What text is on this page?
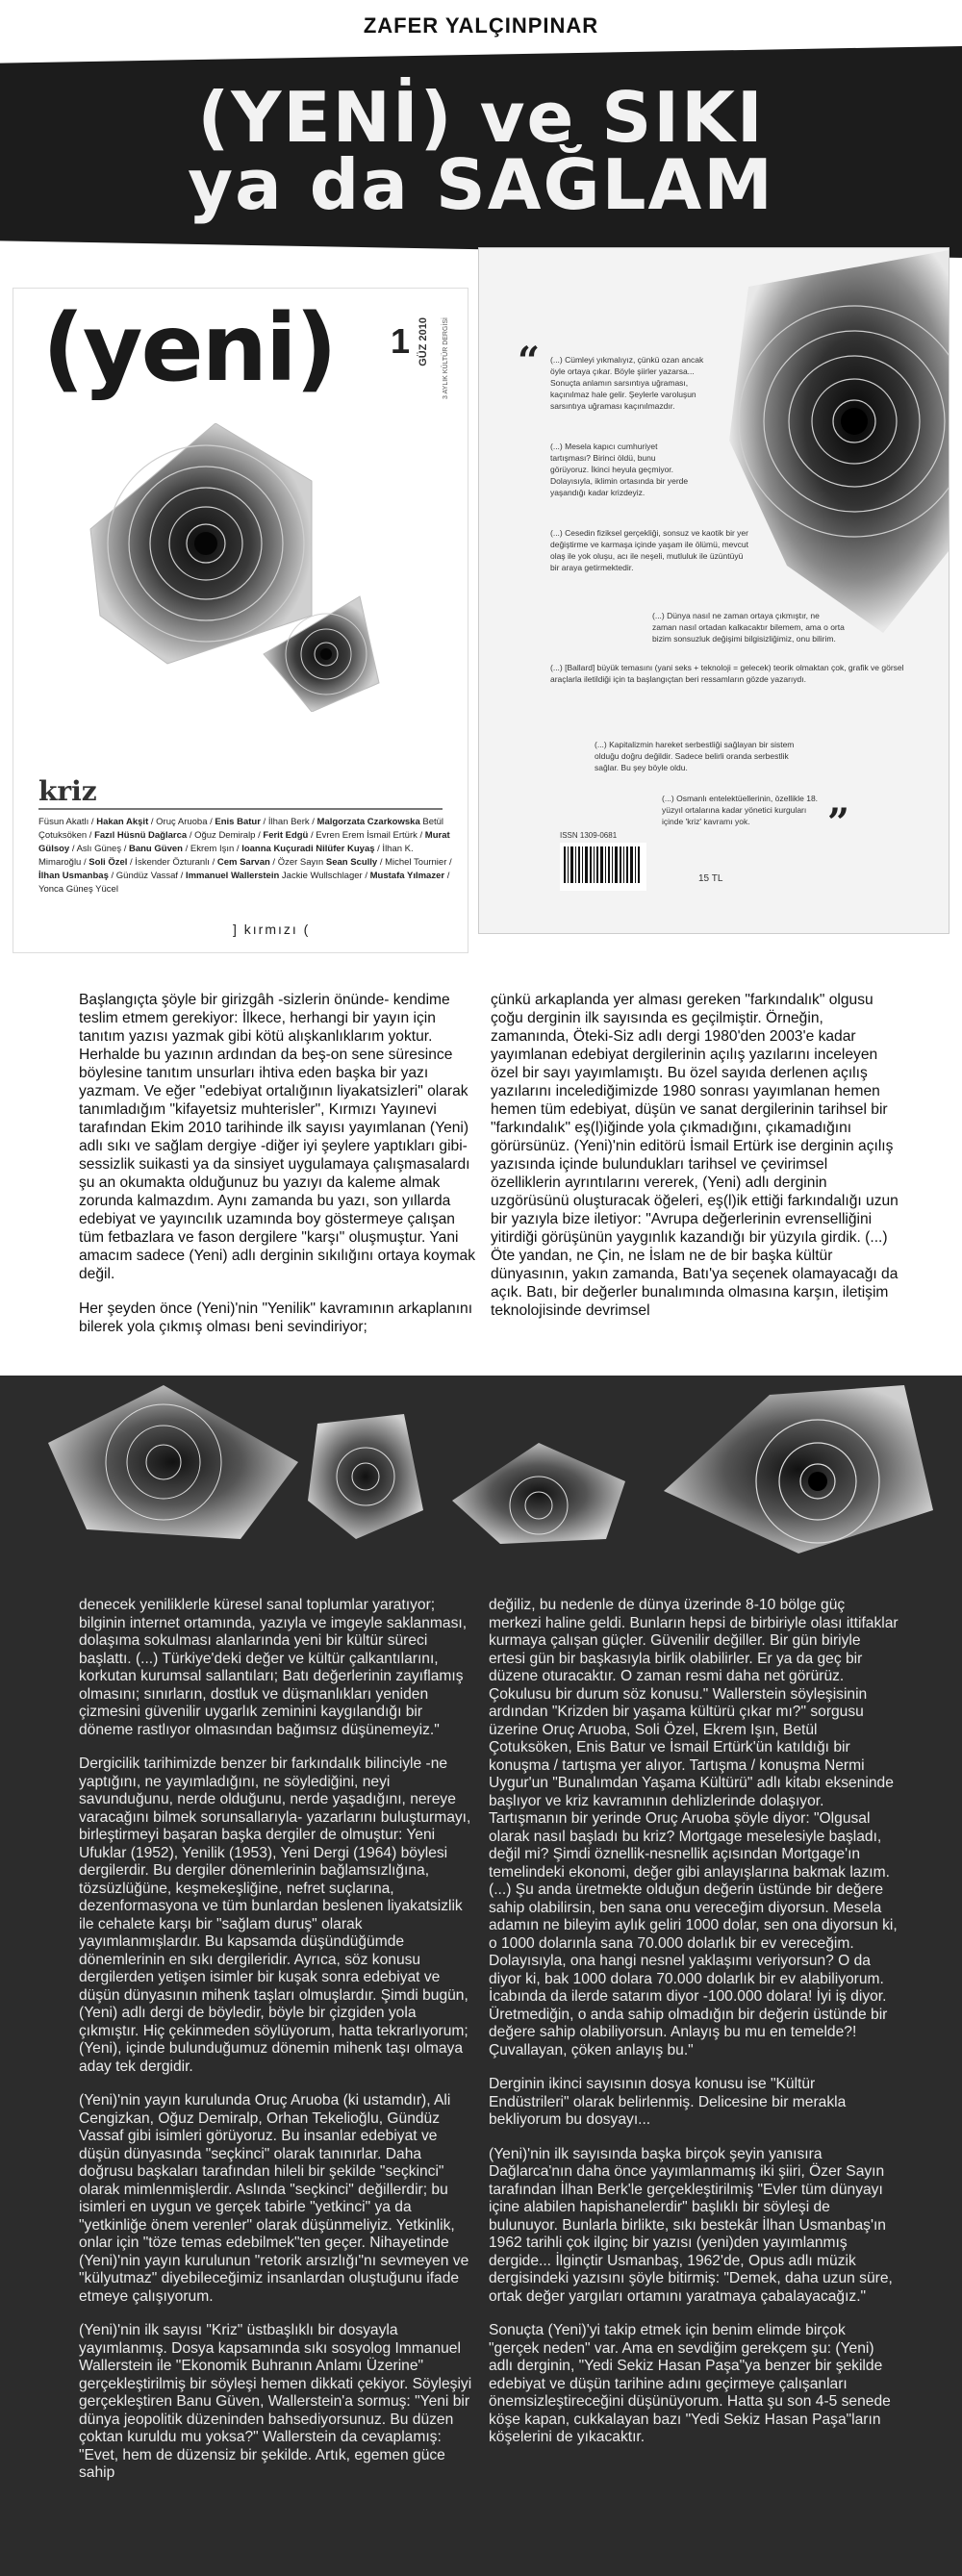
ZAFER YALÇINPINAR
(YENİ) ve SIKI
ya da SAĞLAM
(yeni) 1 GÜZ 2010	3 AYLIK KÜLTÜR DERGİSİ
kriz
Füsun Akatlı / Hakan Akşit / Oruç Aruoba / Enis Batur / İlhan Berk / Malgorzata Czarkowska Betül Çotuksöken / Fazıl Hüsnü Dağlarca / Oğuz Demiralp / Ferit Edgü / Evren Erem İsmail Ertürk / Murat Gülsoy / Aslı Güneş / Banu Güven / Ekrem Işın / Ioanna Kuçuradi Nilüfer Kuyaş / İlhan K. Mimaroğlu / Soli Özel / İskender Özturanlı / Cem Sarvan / Özer Sayın Sean Scully / Michel Tournier / İlhan Usmanbaş / Gündüz Vassaf / Immanuel Wallerstein Jackie Wullschlager / Mustafa Yılmazer / Yonca Güneş Yücel
] kırmızı (
“ (...) Cümleyi yıkmalıyız, çünkü ozan ancak öyle ortaya çıkar. Böyle şiirler yazarsa... Sonuçta anlamın sarsıntıya uğraması, kaçınılmaz hale gelir. Şeylerle varoluşun sarsıntıya uğraması kaçınılmazdır.
(...) Mesela kapıcı cumhuriyet tartışması? Birinci öldü, bunu görüyoruz. İkinci heyula geçmiyor. Dolayısıyla, iklimin ortasında bir yerde yaşandığı kadar krizdeyiz.
(...) Cesedin fiziksel gerçekliği, sonsuz ve kaotik bir yer değiştirme ve karmaşa içinde yaşam ile ölümü, mevcut olaş ile yok oluşu, acı ile neşeli, mutluluk ile üzüntüyü bir araya getirmektedir.
(...) Dünya nasıl ne zaman ortaya çıkmıştır, ne zaman nasıl ortadan kalkacaktır bilemem, ama o orta bizim sonsuzluk değişimi bilgisizliğimiz, onu bilirim.
(...) [Ballard] büyük temasını (yani seks + teknoloji = gelecek) teorik olmaktan çok, grafik ve görsel araçlarla iletildiği için ta başlangıçtan beri ressamların gözde yazarıydı.
(...) Kapitalizmin hareket serbestliği sağlayan bir sistem olduğu doğru değildir. Sadece belirli oranda serbestlik sağlar. Bu şey böyle oldu.
(...) Osmanlı entelektüellerinin, özellikle 18. yüzyıl ortalarına kadar yönetici kurguları içinde 'kriz' kavramı yok.	”
ISSN 1309-0681
15 TL

Başlangıçta şöyle bir girizgâh -sizlerin önünde- kendime teslim etmem gerekiyor: İlkece, herhangi bir yayın için tanıtım yazısı yazmak gibi kötü alışkanlıklarım yoktur. Herhalde bu yazının ardından da beş-on sene süresince böylesine tanıtım unsurları ihtiva eden başka bir yazı yazmam. Ve eğer "edebiyat ortalığının liyakatsizleri" olarak tanımladığım "kifayetsiz muhterisler", Kırmızı Yayınevi tarafından Ekim 2010 tarihinde ilk sayısı yayımlanan (Yeni) adlı sıkı ve sağlam dergiye -diğer iyi şeylere yaptıkları gibi- sessizlik suikasti ya da sinsiyet uygulamaya çalışmasalardı şu an okumakta olduğunuz bu yazıyı da kaleme almak zorunda kalmazdım. Aynı zamanda bu yazı, son yıllarda edebiyat ve yayıncılık uzamında boy göstermeye çalışan tüm fetbazlara ve fason dergilere "karşı" oluşmuştur. Yani amacım sadece (Yeni) adlı derginin sıkılığını ortaya koymak değil.

Her şeyden önce (Yeni)'nin "Yenilik" kavramının arkaplanını bilerek yola çıkmış olması beni sevindiriyor;

çünkü arkaplanda yer alması gereken "farkındalık" olgusu çoğu derginin ilk sayısında es geçilmiştir. Örneğin, zamanında, Öteki-Siz adlı dergi 1980'den 2003'e kadar yayımlanan edebiyat dergilerinin açılış yazılarını inceleyen özel bir sayı yayımlamıştı. Bu özel sayıda derlenen açılış yazılarını incelediğimizde 1980 sonrası yayımlanan hemen hemen tüm edebiyat, düşün ve sanat dergilerinin tarihsel bir "farkındalık" eş(l)iğinde yola çıkmadığını, çıkamadığını görürsünüz. (Yeni)'nin editörü İsmail Ertürk ise derginin açılış yazısında içinde bulundukları tarihsel ve çevirimsel özelliklerin ayrıntılarını vererek, (Yeni) adlı derginin uzgörüsünü oluşturacak öğeleri, eş(l)ik ettiği farkındalığı uzun bir yazıyla bize iletiyor: "Avrupa değerlerinin evrenselliğini yitirdiği görüşünün yaygınlık kazandığı bir yüzyıla girdik. (...) Öte yandan, ne Çin, ne İslam ne de bir başka kültür dünyasının, yakın zamanda, Batı'ya seçenek olamayacağı da açık. Batı, bir değerler bunalımında olmasına karşın, iletişim teknolojisinde devrimsel

denecek yeniliklerle küresel sanal toplumlar yaratıyor; bilginin internet ortamında, yazıyla ve imgeyle saklanması, dolaşıma sokulması alanlarında yeni bir kültür süreci başlattı. (...) Türkiye'deki değer ve kültür çalkantılarını, korkutan kurumsal sallantıları; Batı değerlerinin zayıflamış olmasını; sınırların, dostluk ve düşmanlıkları yeniden çizmesini güvenilir uygarlık zeminini kaygılandığı bir döneme rastlıyor olmasından bağımsız düşünemeyiz."

Dergicilik tarihimizde benzer bir farkındalık bilinciyle -ne yaptığını, ne yayımladığını, ne söylediğini, neyi savunduğunu, nerde olduğunu, nerde yaşadığını, nereye varacağını bilmek sorunsallarıyla- yazarlarını buluşturmayı, birleştirmeyi başaran başka dergiler de olmuştur: Yeni Ufuklar (1952), Yenilik (1953), Yeni Dergi (1964) böylesi dergilerdir. Bu dergiler dönemlerinin bağlamsızlığına, tözsüzlüğüne, keşmekeşliğine, nefret suçlarına, dezenformasyona ve tüm bunlardan beslenen liyakatsizlik ile cehalete karşı bir "sağlam duruş" olarak yayımlanmışlardır. Bu kapsamda düşündüğümde dönemlerinin en sıkı dergileridir. Ayrıca, söz konusu dergilerden yetişen isimler bir kuşak sonra edebiyat ve düşün dünyasının mihenk taşları olmuşlardır. Şimdi bugün, (Yeni) adlı dergi de böyledir, böyle bir çizgiden yola çıkmıştır. Hiç çekinmeden söylüyorum, hatta tekrarlıyorum; (Yeni), içinde bulunduğumuz dönemin mihenk taşı olmaya aday tek dergidir.

(Yeni)'nin yayın kurulunda Oruç Aruoba (ki ustamdır), Ali Cengizkan, Oğuz Demiralp, Orhan Tekelioğlu, Gündüz Vassaf gibi isimleri görüyoruz. Bu insanlar edebiyat ve düşün dünyasında "seçkinci" olarak tanınırlar. Daha doğrusu başkaları tarafından hileli bir şekilde "seçkinci" olarak mimlenmişlerdir. Aslında "seçkinci" değillerdir; bu isimleri en uygun ve gerçek tabirle "yetkinci" ya da "yetkinliğe önem verenler" olarak düşünmeliyiz. Yetkinlik, onlar için "töze temas edebilmek"ten geçer. Nihayetinde (Yeni)'nin yayın kurulunun "retorik arsızlığı"nı sevmeyen ve "külyutmaz" diyebileceğimiz insanlardan oluştuğunu ifade etmeye çalışıyorum.

(Yeni)'nin ilk sayısı "Kriz" üstbaşlıklı bir dosyayla yayımlanmış. Dosya kapsamında sıkı sosyolog Immanuel Wallerstein ile "Ekonomik Buhranın Anlamı Üzerine" gerçekleştirilmiş bir söyleşi hemen dikkati çekiyor. Söyleşiyi gerçekleştiren Banu Güven, Wallerstein'a sormuş: "Yeni bir dünya jeopolitik düzeninden bahsediyorsunuz. Bu düzen çoktan kuruldu mu yoksa?" Wallerstein da cevaplamış: "Evet, hem de düzensiz bir şekilde. Artık, egemen güce sahip

değiliz, bu nedenle de dünya üzerinde 8-10 bölge güç merkezi haline geldi. Bunların hepsi de birbiriyle olası ittifaklar kurmaya çalışan güçler. Güvenilir değiller. Bir gün biriyle ertesi gün bir başkasıyla birlik olabilirler. Er ya da geç bir düzene oturacaktır. O zaman resmi daha net görürüz. Çokulusu bir durum söz konusu." Wallerstein söyleşisinin ardından "Krizden bir yaşama kültürü çıkar mı?" sorgusu üzerine Oruç Aruoba, Soli Özel, Ekrem Işın, Betül Çotuksöken, Enis Batur ve İsmail Ertürk'ün katıldığı bir konuşma / tartışma yer alıyor. Tartışma / konuşma Nermi Uygur'un "Bunalımdan Yaşama Kültürü" adlı kitabı ekseninde başlıyor ve kriz kavramının dehlizlerinde dolaşıyor. Tartışmanın bir yerinde Oruç Aruoba şöyle diyor: "Olgusal olarak nasıl başladı bu kriz? Mortgage meselesiyle başladı, değil mi? Şimdi öznellik-nesnellik açısından Mortgage'ın temelindeki ekonomi, değer gibi anlayışlarına bakmak lazım. (...) Şu anda üretmekte olduğun değerin üstünde bir değere sahip olabilirsin, ben sana onu vereceğim diyorsun. Mesela adamın ne bileyim aylık geliri 1000 dolar, sen ona diyorsun ki, o 1000 dolarınla sana 70.000 dolarlık bir ev vereceğim. Dolayısıyla, ona hangi nesnel yaklaşımı veriyorsun? O da diyor ki, bak 1000 dolara 70.000 dolarlık bir ev alabiliyorum. İcabında da ilerde satarım diyor -100.000 dolara! İyi iş diyor. Üretmediğin, o anda sahip olmadığın bir değerin üstünde bir değere sahip olabiliyorsun. Anlayış bu mu en temelde?! Çuvallayan, çöken anlayış bu."

Derginin ikinci sayısının dosya konusu ise "Kültür Endüstrileri" olarak belirlenmiş. Delicesine bir merakla bekliyorum bu dosyayı...

(Yeni)'nin ilk sayısında başka birçok şeyin yanısıra Dağlarca'nın daha önce yayımlanmamış iki şiiri, Özer Sayın tarafından İlhan Berk'le gerçekleştirilmiş "Evler tüm dünyayı içine alabilen hapishanelerdir" başlıklı bir söyleşi de bulunuyor. Bunlarla birlikte, sıkı bestekâr İlhan Usmanbaş'ın 1962 tarihli çok ilginç bir yazısı (yeni)den yayımlanmış dergide... İlginçtir Usmanbaş, 1962'de, Opus adlı müzik dergisindeki yazısını şöyle bitirmiş: "Demek, daha uzun süre, ortak değer yargıları ortamını yaratmaya çabalayacağız."

Sonuçta (Yeni)'yi takip etmek için benim elimde birçok "gerçek neden" var. Ama en sevdiğim gerekçem şu: (Yeni) adlı derginin, "Yedi Sekiz Hasan Paşa"ya benzer bir şekilde edebiyat ve düşün tarihine adını geçirmeye çalışanları önemsizleştireceğini düşünüyorum. Hatta şu son 4-5 senede köşe kapan, cukkalayan bazı "Yedi Sekiz Hasan Paşa"ların köşelerini de yıkacaktır.
